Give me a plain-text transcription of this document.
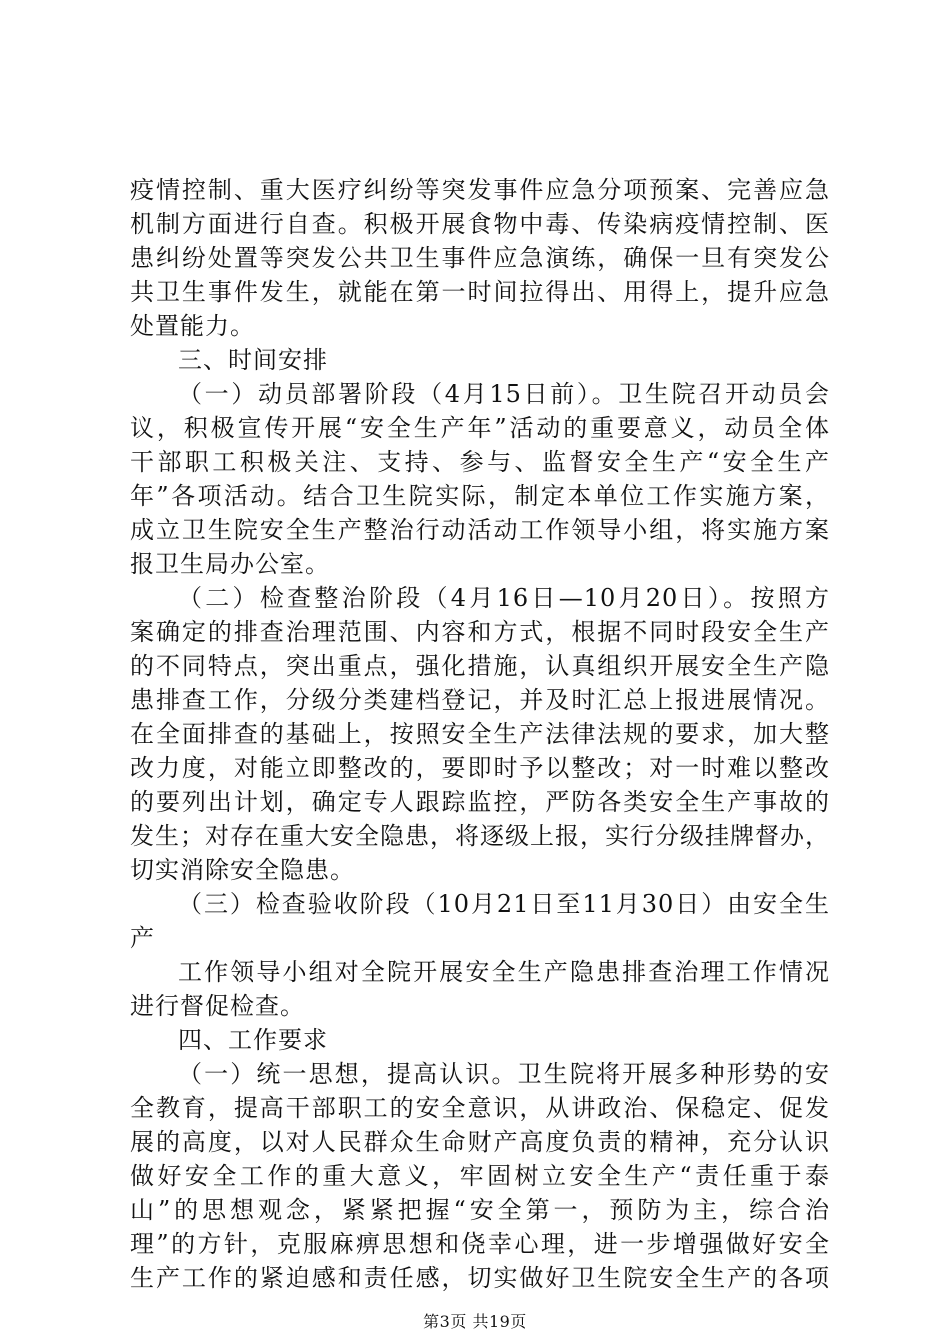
疫情控制、重大医疗纠纷等突发事件应急分项预案、完善应急
机制方面进行自查。积极开展食物中毒、传染病疫情控制、医
患纠纷处置等突发公共卫生事件应急演练，确保一旦有突发公
共卫生事件发生，就能在第一时间拉得出、用得上，提升应急
处置能力。
三、时间安排
（一）动员部署阶段（4月15日前）。卫生院召开动员会
议，积极宣传开展“安全生产年”活动的重要意义，动员全体
干部职工积极关注、支持、参与、监督安全生产“安全生产
年”各项活动。结合卫生院实际，制定本单位工作实施方案，
成立卫生院安全生产整治行动活动工作领导小组，将实施方案
报卫生局办公室。
（二）检查整治阶段（4月16日—10月20日）。按照方
案确定的排查治理范围、内容和方式，根据不同时段安全生产
的不同特点，突出重点，强化措施，认真组织开展安全生产隐
患排查工作，分级分类建档登记，并及时汇总上报进展情况。
在全面排查的基础上，按照安全生产法律法规的要求，加大整
改力度，对能立即整改的，要即时予以整改；对一时难以整改
的要列出计划，确定专人跟踪监控，严防各类安全生产事故的
发生；对存在重大安全隐患，将逐级上报，实行分级挂牌督办，
切实消除安全隐患。
（三）检查验收阶段（10月21日至11月30日）由安全生
产
工作领导小组对全院开展安全生产隐患排查治理工作情况
进行督促检查。
四、工作要求
（一）统一思想，提高认识。卫生院将开展多种形势的安
全教育，提高干部职工的安全意识，从讲政治、保稳定、促发
展的高度，以对人民群众生命财产高度负责的精神，充分认识
做好安全工作的重大意义，牢固树立安全生产“责任重于泰
山”的思想观念，紧紧把握“安全第一，预防为主，综合治
理”的方针，克服麻痹思想和侥幸心理，进一步增强做好安全
生产工作的紧迫感和责任感，切实做好卫生院安全生产的各项
第3页 共19页
